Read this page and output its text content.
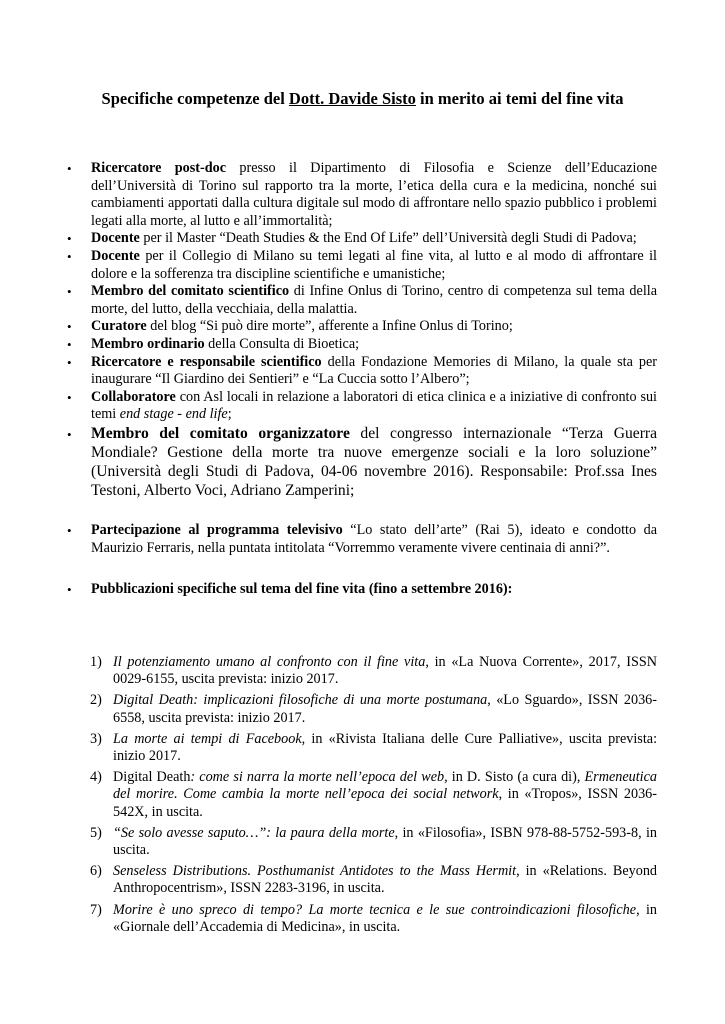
Specifiche competenze del Dott. Davide Sisto in merito ai temi del fine vita
• Ricercatore post-doc presso il Dipartimento di Filosofia e Scienze dell’Educazione dell’Università di Torino sul rapporto tra la morte, l’etica della cura e la medicina, nonché sui cambiamenti apportati dalla cultura digitale sul modo di affrontare nello spazio pubblico i problemi legati alla morte, al lutto e all’immortalità;
• Docente per il Master “Death Studies & the End Of Life” dell’Università degli Studi di Padova;
• Docente per il Collegio di Milano su temi legati al fine vita, al lutto e al modo di affrontare il dolore e la sofferenza tra discipline scientifiche e umanistiche;
• Membro del comitato scientifico di Infine Onlus di Torino, centro di competenza sul tema della morte, del lutto, della vecchiaia, della malattia.
• Curatore del blog “Si può dire morte”, afferente a Infine Onlus di Torino;
• Membro ordinario della Consulta di Bioetica;
• Ricercatore e responsabile scientifico della Fondazione Memories di Milano, la quale sta per inaugurare “Il Giardino dei Sentieri” e “La Cuccia sotto l’Albero”;
• Collaboratore con Asl locali in relazione a laboratori di etica clinica e a iniziative di confronto sui temi end stage - end life;
• Membro del comitato organizzatore del congresso internazionale “Terza Guerra Mondiale? Gestione della morte tra nuove emergenze sociali e la loro soluzione” (Università degli Studi di Padova, 04-06 novembre 2016). Responsabile: Prof.ssa Ines Testoni, Alberto Voci, Adriano Zamperini;
• Partecipazione al programma televisivo “Lo stato dell’arte” (Rai 5), ideato e condotto da Maurizio Ferraris, nella puntata intitolata “Vorremmo veramente vivere centinaia di anni?”.
• Pubblicazioni specifiche sul tema del fine vita (fino a settembre 2016):
1) Il potenziamento umano al confronto con il fine vita, in «La Nuova Corrente», 2017, ISSN 0029-6155, uscita prevista: inizio 2017.
2) Digital Death: implicazioni filosofiche di una morte postumana, «Lo Sguardo», ISSN 2036-6558, uscita prevista: inizio 2017.
3) La morte ai tempi di Facebook, in «Rivista Italiana delle Cure Palliative», uscita prevista: inizio 2017.
4) Digital Death: come si narra la morte nell’epoca del web, in D. Sisto (a cura di), Ermeneutica del morire. Come cambia la morte nell’epoca dei social network, in «Tropos», ISSN 2036-542X, in uscita.
5) “Se solo avesse saputo…”: la paura della morte, in «Filosofia», ISBN 978-88-5752-593-8, in uscita.
6) Senseless Distributions. Posthumanist Antidotes to the Mass Hermit, in «Relations. Beyond Anthropocentrism», ISSN 2283-3196, in uscita.
7) Morire è uno spreco di tempo? La morte tecnica e le sue controindicazioni filosofiche, in «Giornale dell’Accademia di Medicina», in uscita.
